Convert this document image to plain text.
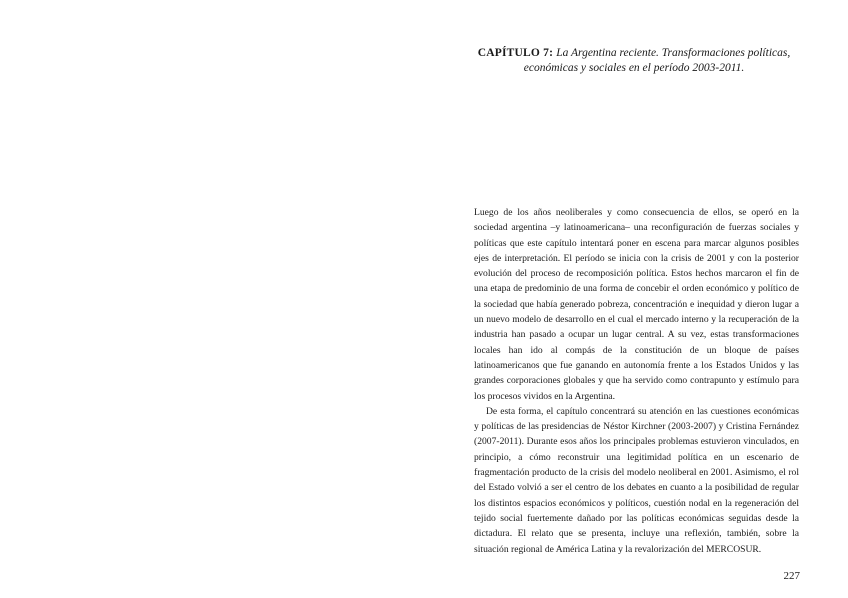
CAPÍTULO 7: La Argentina reciente. Transformaciones políticas, económicas y sociales en el período 2003-2011.

Luego de los años neoliberales y como consecuencia de ellos, se operó en la sociedad argentina –y latinoamericana– una reconfiguración de fuerzas sociales y políticas que este capítulo intentará poner en escena para marcar algunos posibles ejes de interpretación. El período se inicia con la crisis de 2001 y con la posterior evolución del proceso de recomposición política. Estos hechos marcaron el fin de una etapa de predominio de una forma de concebir el orden económico y político de la sociedad que había generado pobreza, concentración e inequidad y dieron lugar a un nuevo modelo de desarrollo en el cual el mercado interno y la recuperación de la industria han pasado a ocupar un lugar central. A su vez, estas transformaciones locales han ido al compás de la constitución de un bloque de países latinoamericanos que fue ganando en autonomía frente a los Estados Unidos y las grandes corporaciones globales y que ha servido como contrapunto y estímulo para los procesos vividos en la Argentina.

De esta forma, el capítulo concentrará su atención en las cuestiones económicas y políticas de las presidencias de Néstor Kirchner (2003-2007) y Cristina Fernández (2007-2011). Durante esos años los principales problemas estuvieron vinculados, en principio, a cómo reconstruir una legitimidad política en un escenario de fragmentación producto de la crisis del modelo neoliberal en 2001. Asimismo, el rol del Estado volvió a ser el centro de los debates en cuanto a la posibilidad de regular los distintos espacios económicos y políticos, cuestión nodal en la regeneración del tejido social fuertemente dañado por las políticas económicas seguidas desde la dictadura. El relato que se presenta, incluye una reflexión, también, sobre la situación regional de América Latina y la revalorización del MERCOSUR.

227
